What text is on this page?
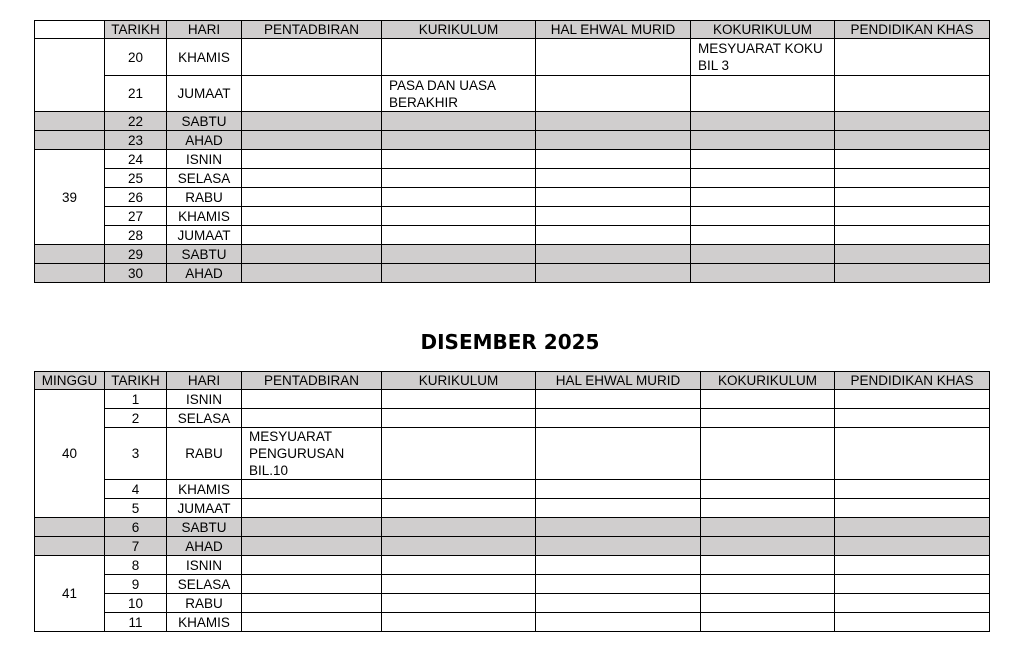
	TARIKH	HARI	PENTADBIRAN	KURIKULUM	HAL EHWAL MURID	KOKURIKULUM	PENDIDIKAN KHAS
	20	KHAMIS				MESYUARAT KOKU BIL 3	
	21	JUMAAT		PASA DAN UASA BERAKHIR			
	22	SABTU					
	23	AHAD					
39	24	ISNIN					
	25	SELASA					
	26	RABU					
	27	KHAMIS					
	28	JUMAAT					
	29	SABTU					
	30	AHAD					
DISEMBER 2025
MINGGU	TARIKH	HARI	PENTADBIRAN	KURIKULUM	HAL EHWAL MURID	KOKURIKULUM	PENDIDIKAN KHAS
40	1	ISNIN					
	2	SELASA					
	3	RABU	MESYUARAT PENGURUSAN BIL.10				
	4	KHAMIS					
	5	JUMAAT					
	6	SABTU					
	7	AHAD					
41	8	ISNIN					
	9	SELASA					
	10	RABU					
	11	KHAMIS					
